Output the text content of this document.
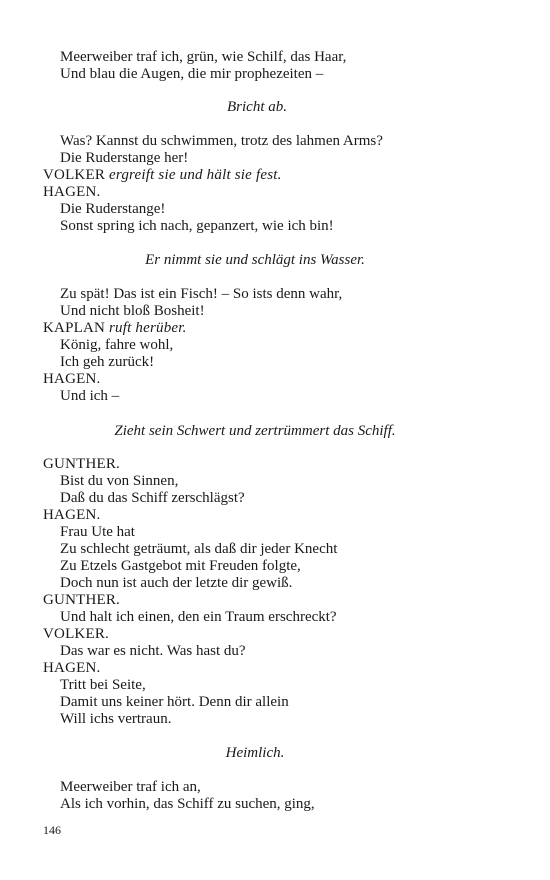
Meerweiber traf ich, grün, wie Schilf, das Haar,
Und blau die Augen, die mir prophezeiten –
Bricht ab.
Was? Kannst du schwimmen, trotz des lahmen Arms?
Die Ruderstange her!
VOLKER ergreift sie und hält sie fest.
HAGEN.
Die Ruderstange!
Sonst spring ich nach, gepanzert, wie ich bin!
Er nimmt sie und schlägt ins Wasser.
Zu spät! Das ist ein Fisch! – So ists denn wahr,
Und nicht bloß Bosheit!
KAPLAN ruft herüber.
König, fahre wohl,
Ich geh zurück!
HAGEN.
Und ich –
Zieht sein Schwert und zertrümmert das Schiff.
GUNTHER.
Bist du von Sinnen,
Daß du das Schiff zerschlägst?
HAGEN.
Frau Ute hat
Zu schlecht geträumt, als daß dir jeder Knecht
Zu Etzels Gastgebot mit Freuden folgte,
Doch nun ist auch der letzte dir gewiß.
GUNTHER.
Und halt ich einen, den ein Traum erschreckt?
VOLKER.
Das war es nicht. Was hast du?
HAGEN.
Tritt bei Seite,
Damit uns keiner hört. Denn dir allein
Will ichs vertraun.
Heimlich.
Meerweiber traf ich an,
Als ich vorhin, das Schiff zu suchen, ging,
146
